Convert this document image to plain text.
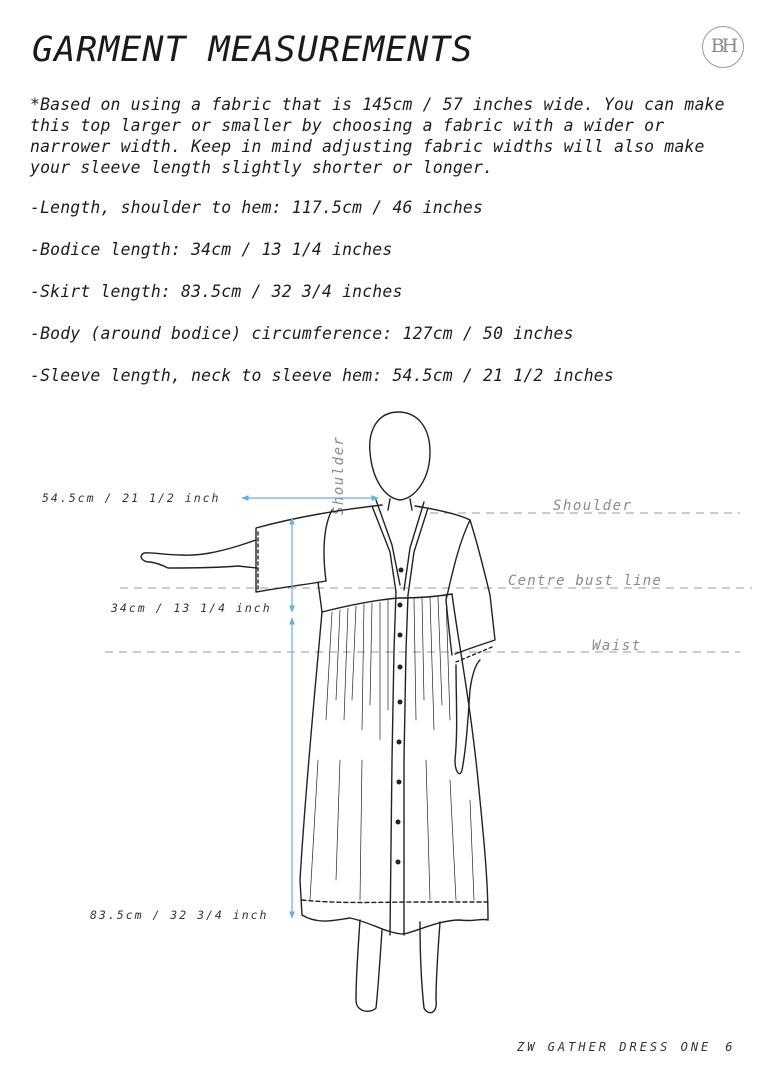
GARMENT MEASUREMENTS	BH

*Based on using a fabric that is 145cm / 57 inches wide. You can make this top larger or smaller by choosing a fabric with a wider or narrower width. Keep in mind adjusting fabric widths will also make your sleeve length slightly shorter or longer.

-Length, shoulder to hem: 117.5cm / 46 inches

-Bodice length: 34cm / 13 1/4 inches

-Skirt length: 83.5cm / 32 3/4 inches

-Body (around bodice) circumference: 127cm / 50 inches

-Sleeve length, neck to sleeve hem: 54.5cm / 21 1/2 inches

Shoulder
Centre bust line
Waist
Shoulder
54.5cm / 21 1/2 inch
34cm / 13 1/4 inch
83.5cm / 32 3/4 inch
ZW GATHER DRESS ONE 6
